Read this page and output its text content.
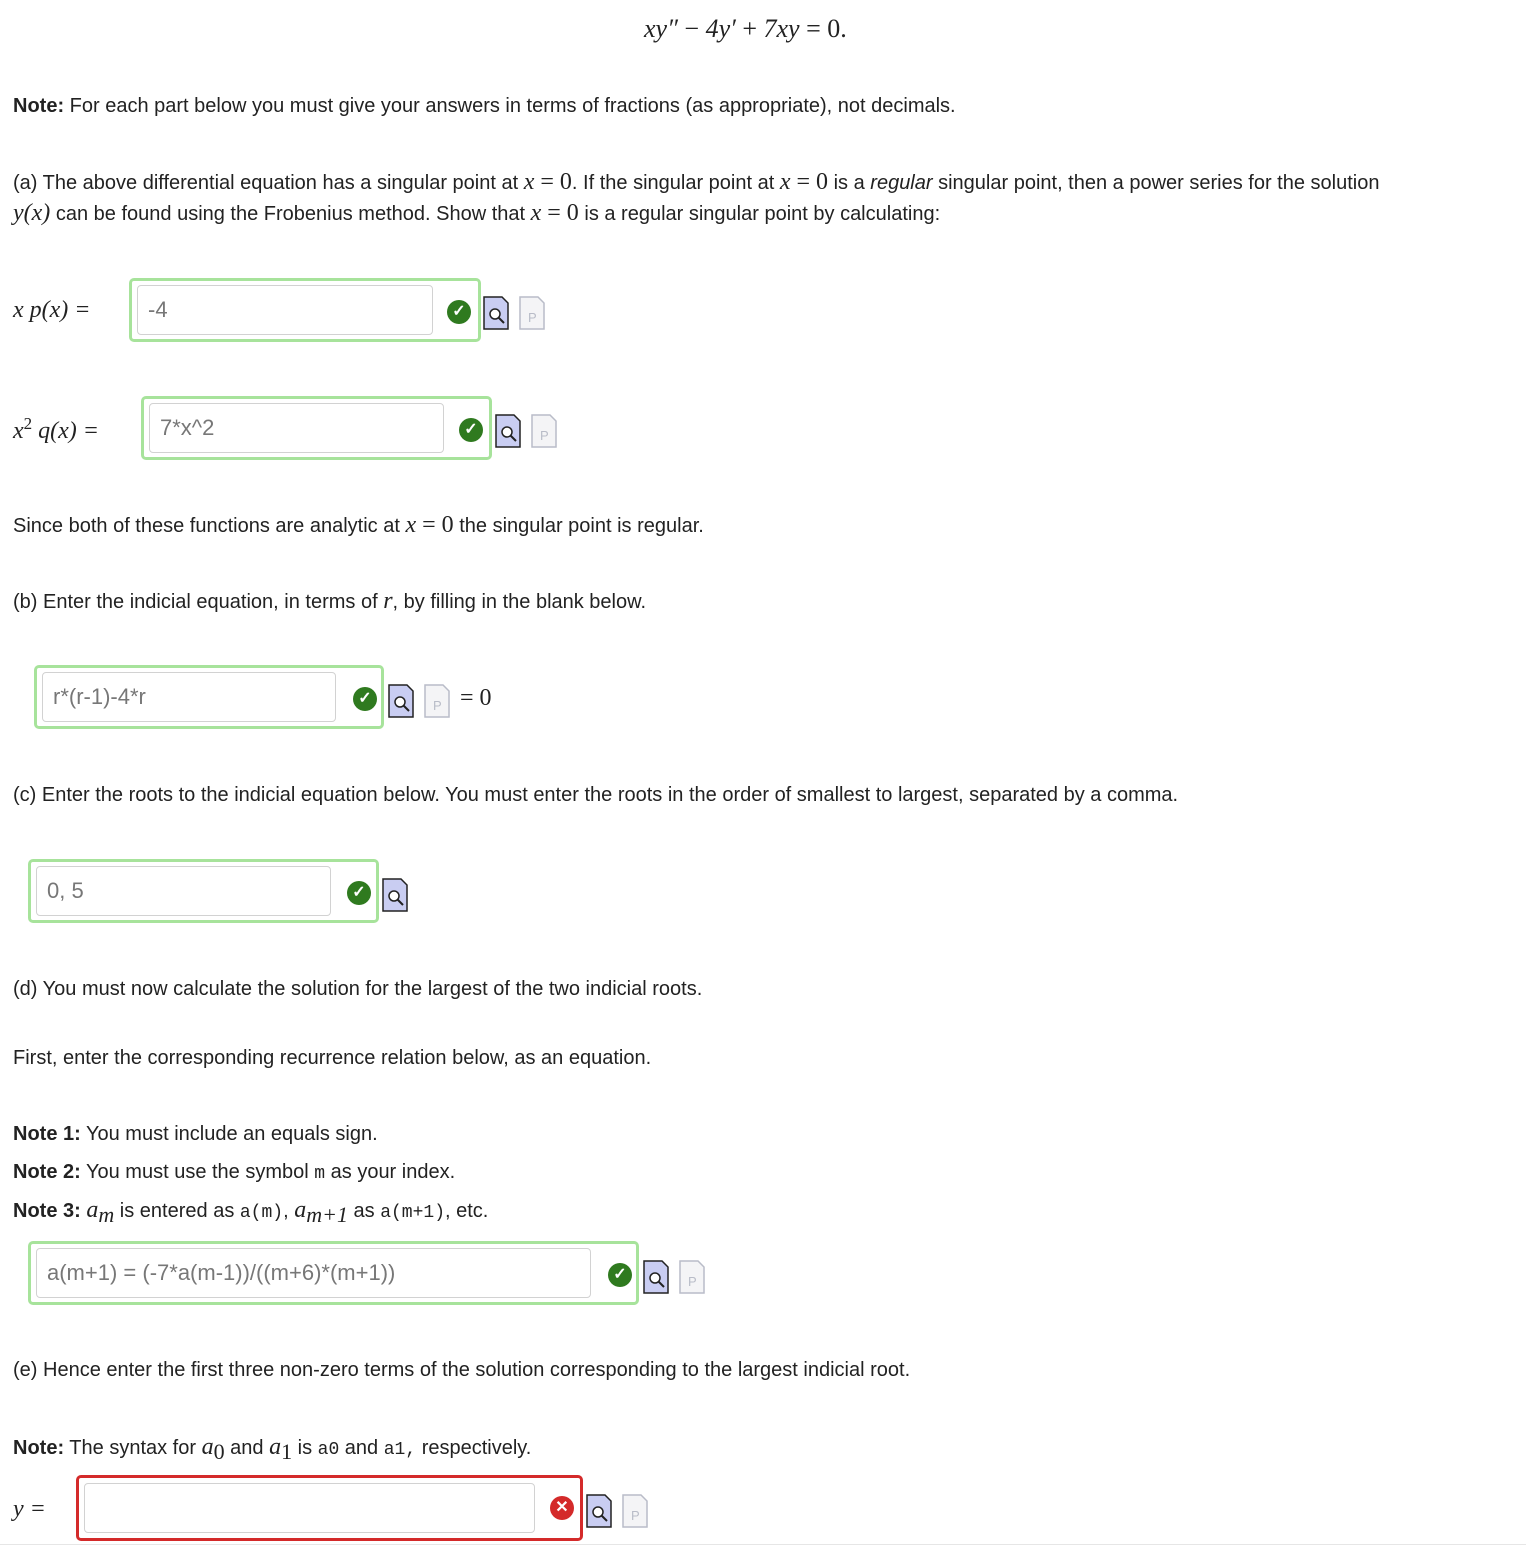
xy″ − 4y′ + 7xy = 0.
Note: For each part below you must give your answers in terms of fractions (as appropriate), not decimals.
(a) The above differential equation has a singular point at x = 0. If the singular point at x = 0 is a regular singular point, then a power series for the solution
y(x) can be found using the Frobenius method. Show that x = 0 is a regular singular point by calculating:
x p(x) =	-4	✓	P
$x^2$ q(x) =	7*x^2	✓	P
Since both of these functions are analytic at x = 0 the singular point is regular.
(b) Enter the indicial equation, in terms of r, by filling in the blank below.
r*(r-1)-4*r	✓	P = 0
(c) Enter the roots to the indicial equation below. You must enter the roots in the order of smallest to largest, separated by a comma.
0, 5	✓
(d) You must now calculate the solution for the largest of the two indicial roots.
First, enter the corresponding recurrence relation below, as an equation.
Note 1: You must include an equals sign.
Note 2: You must use the symbol m as your index.
Note 3: $a_m$ is entered as a(m), $a_{m+1}$ as a(m+1), etc.
a(m+1) = (-7*a(m-1))/((m+6)*(m+1))	✓	P
(e) Hence enter the first three non-zero terms of the solution corresponding to the largest indicial root.
Note: The syntax for $a_0$ and $a_1$ is a0 and a1, respectively.
y =	✕	P
